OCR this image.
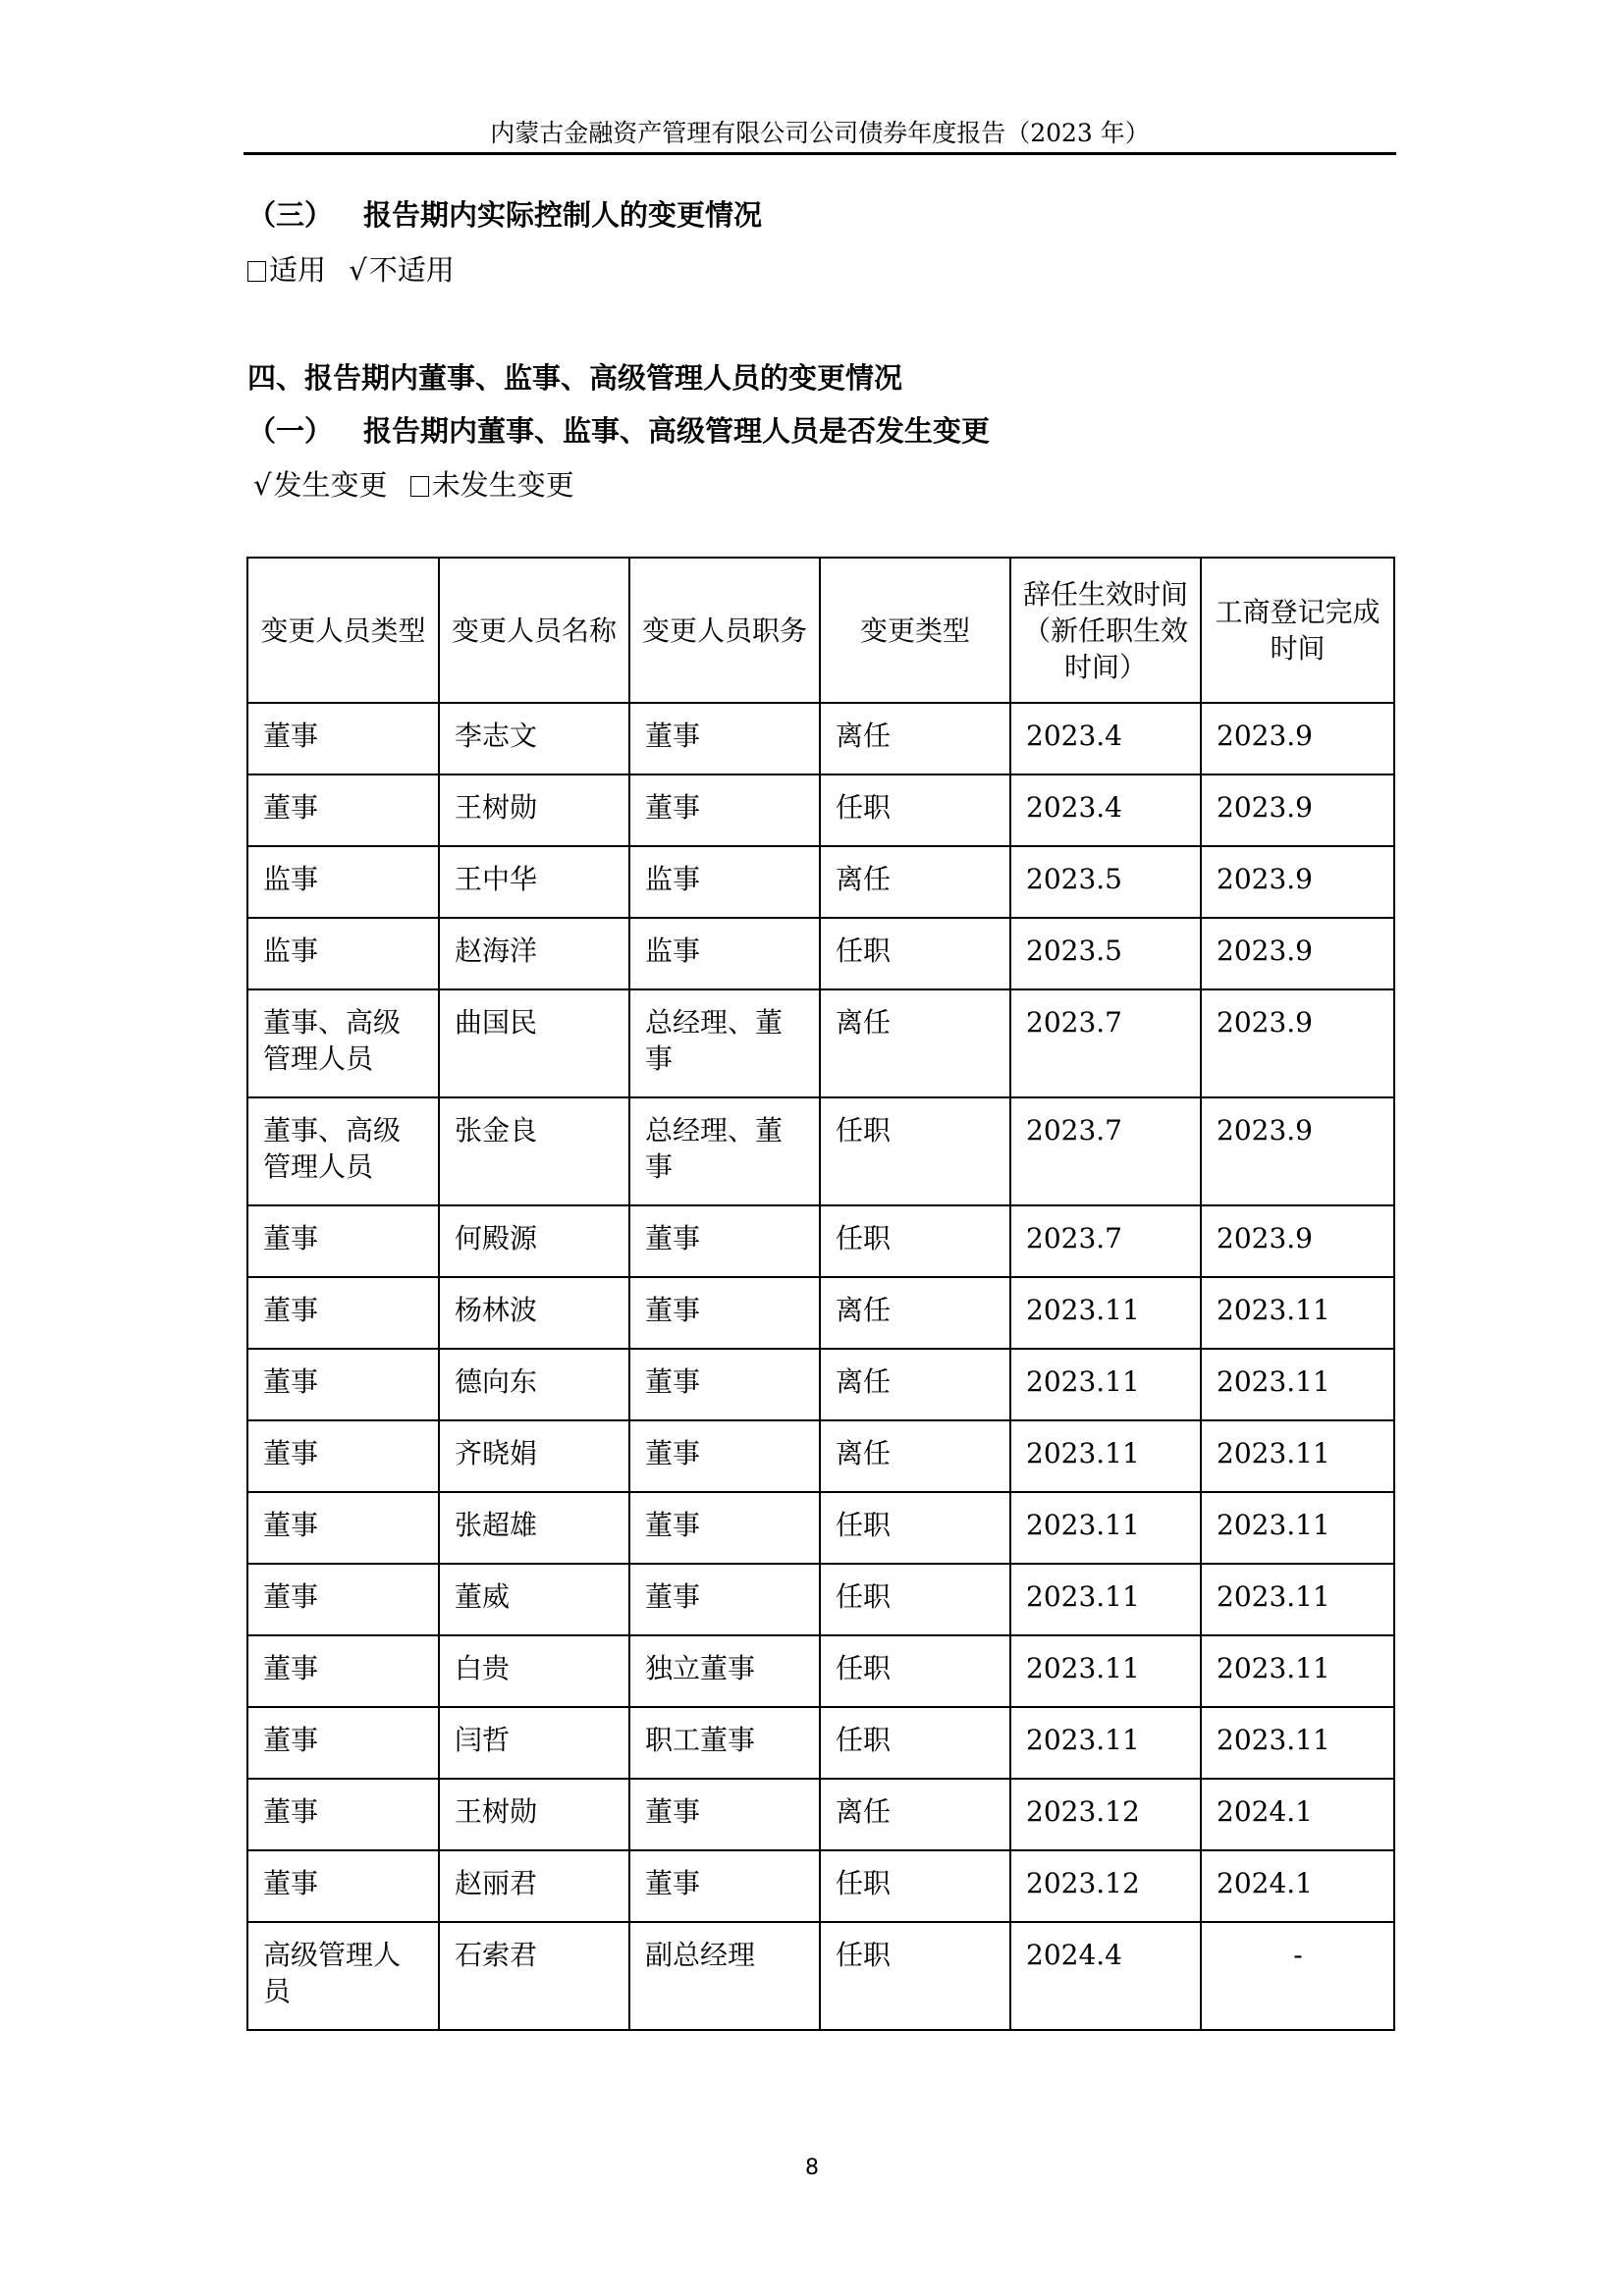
内蒙古金融资产管理有限公司公司债券年度报告（2023 年）
（三） 报告期内实际控制人的变更情况
适用 √不适用
四、报告期内董事、监事、高级管理人员的变更情况
（一） 报告期内董事、监事、高级管理人员是否发生变更
√发生变更 未发生变更
变更人员类型	变更人员名称	变更人员职务	变更类型	辞任生效时间（新任职生效时间）	工商登记完成时间
董事	李志文	董事	离任	2023.4	2023.9
董事	王树勋	董事	任职	2023.4	2023.9
监事	王中华	监事	离任	2023.5	2023.9
监事	赵海洋	监事	任职	2023.5	2023.9
董事、高级管理人员	曲国民	总经理、董事	离任	2023.7	2023.9
董事、高级管理人员	张金良	总经理、董事	任职	2023.7	2023.9
董事	何殿源	董事	任职	2023.7	2023.9
董事	杨林波	董事	离任	2023.11	2023.11
董事	德向东	董事	离任	2023.11	2023.11
董事	齐晓娟	董事	离任	2023.11	2023.11
董事	张超雄	董事	任职	2023.11	2023.11
董事	董威	董事	任职	2023.11	2023.11
董事	白贵	独立董事	任职	2023.11	2023.11
董事	闫哲	职工董事	任职	2023.11	2023.11
董事	王树勋	董事	离任	2023.12	2024.1
董事	赵丽君	董事	任职	2023.12	2024.1
高级管理人员	石索君	副总经理	任职	2024.4	-
8
